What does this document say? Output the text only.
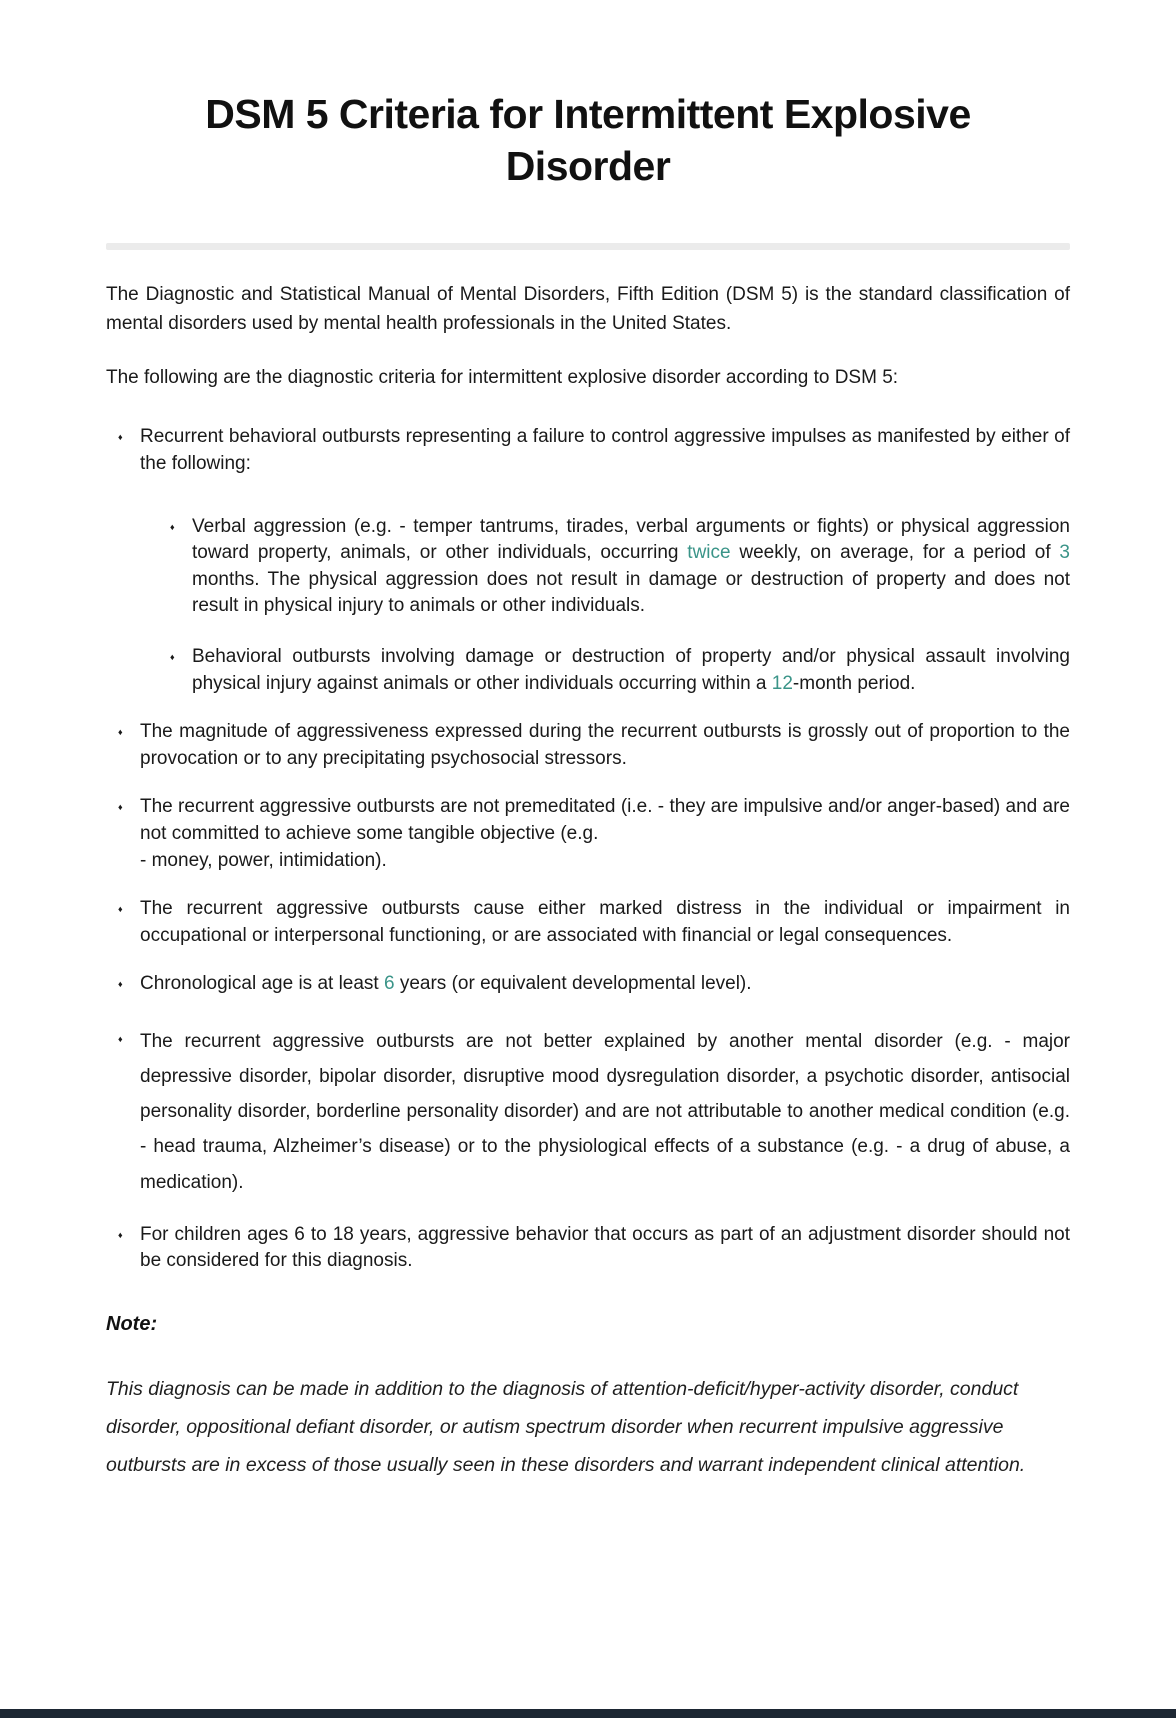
DSM 5 Criteria for Intermittent Explosive Disorder

The Diagnostic and Statistical Manual of Mental Disorders, Fifth Edition (DSM 5) is the standard classification of mental disorders used by mental health professionals in the United States.

The following are the diagnostic criteria for intermittent explosive disorder according to DSM 5:

♦ Recurrent behavioral outbursts representing a failure to control aggressive impulses as manifested by either of the following:
♦ Verbal aggression (e.g. - temper tantrums, tirades, verbal arguments or fights) or physical aggression toward property, animals, or other individuals, occurring twice weekly, on average, for a period of 3 months. The physical aggression does not result in damage or destruction of property and does not result in physical injury to animals or other individuals.
♦ Behavioral outbursts involving damage or destruction of property and/or physical assault involving physical injury against animals or other individuals occurring within a 12-month period.
♦ The magnitude of aggressiveness expressed during the recurrent outbursts is grossly out of proportion to the provocation or to any precipitating psychosocial stressors.
♦ The recurrent aggressive outbursts are not premeditated (i.e. - they are impulsive and/or anger-based) and are not committed to achieve some tangible objective (e.g.
- money, power, intimidation).
♦ The recurrent aggressive outbursts cause either marked distress in the individual or impairment in occupational or interpersonal functioning, or are associated with financial or legal consequences.
♦ Chronological age is at least 6 years (or equivalent developmental level).
♦ The recurrent aggressive outbursts are not better explained by another mental disorder (e.g. - major depressive disorder, bipolar disorder, disruptive mood dysregulation disorder, a psychotic disorder, antisocial personality disorder, borderline personality disorder) and are not attributable to another medical condition (e.g. - head trauma, Alzheimer’s disease) or to the physiological effects of a substance (e.g. - a drug of abuse, a medication).
♦ For children ages 6 to 18 years, aggressive behavior that occurs as part of an adjustment disorder should not be considered for this diagnosis.
Note:

This diagnosis can be made in addition to the diagnosis of attention-deficit/hyper-activity disorder, conduct disorder, oppositional defiant disorder, or autism spectrum disorder when recurrent impulsive aggressive outbursts are in excess of those usually seen in these disorders and warrant independent clinical attention.
